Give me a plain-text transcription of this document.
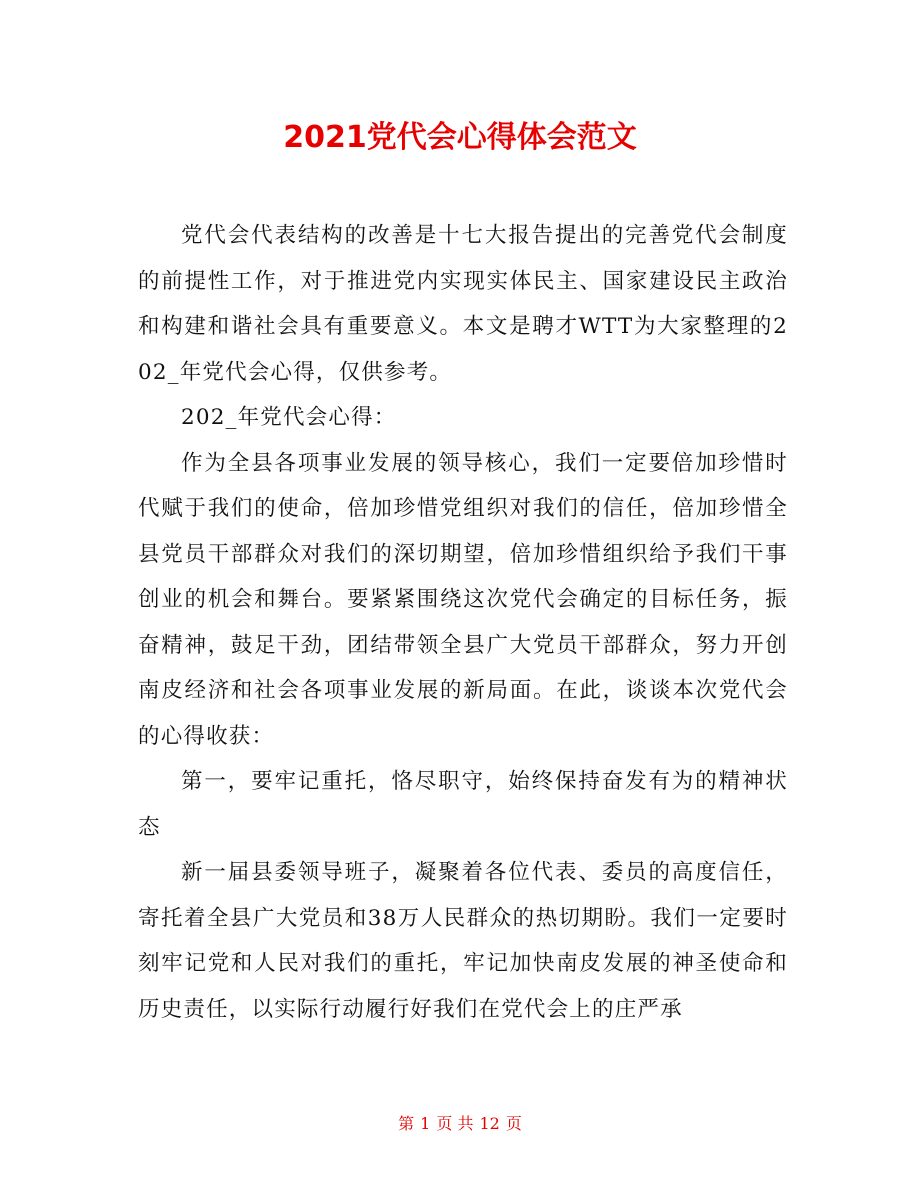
2021党代会心得体会范文

党代会代表结构的改善是十七大报告提出的完善党代会制度的前提性工作，对于推进党内实现实体民主、国家建设民主政治和构建和谐社会具有重要意义。本文是聘才WTT为大家整理的202_年党代会心得，仅供参考。

202_年党代会心得：

作为全县各项事业发展的领导核心，我们一定要倍加珍惜时代赋于我们的使命，倍加珍惜党组织对我们的信任，倍加珍惜全县党员干部群众对我们的深切期望，倍加珍惜组织给予我们干事创业的机会和舞台。要紧紧围绕这次党代会确定的目标任务，振奋精神，鼓足干劲，团结带领全县广大党员干部群众，努力开创南皮经济和社会各项事业发展的新局面。在此，谈谈本次党代会的心得收获：

第一，要牢记重托，恪尽职守，始终保持奋发有为的精神状态

新一届县委领导班子，凝聚着各位代表、委员的高度信任，寄托着全县广大党员和38万人民群众的热切期盼。我们一定要时刻牢记党和人民对我们的重托，牢记加快南皮发展的神圣使命和历史责任，以实际行动履行好我们在党代会上的庄严承

第 1 页 共 12 页
